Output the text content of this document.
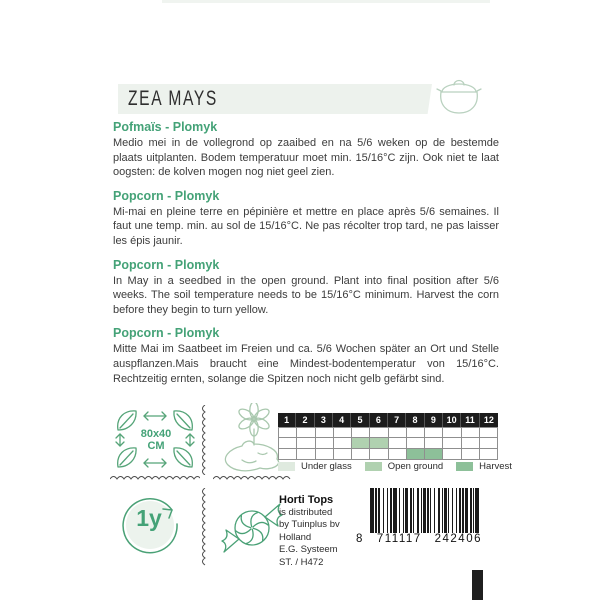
ZEA MAYS
Pofmaïs - Plomyk

Medio mei in de vollegrond op zaaibed en na 5/6 weken op de bestemde plaats uitplanten. Bodem temperatuur moet min. 15/16°C zijn. Ook niet te laat oogsten: de kolven mogen nog niet geel zien.

Popcorn - Plomyk

Mi-mai en pleine terre en pépinière et mettre en place après 5/6 semaines. Il faut une temp. min. au sol de 15/16°C. Ne pas récolter trop tard, ne pas laisser les épis jaunir.

Popcorn - Plomyk

In May in a seedbed in the open ground. Plant into final position after 5/6 weeks. The soil temperature needs to be 15/16°C minimum. Harvest the corn before they begin to turn yellow.

Popcorn - Plomyk

Mitte Mai im Saatbeet im Freien und ca. 5/6 Wochen später an Ort und Stelle auspflanzen.Mais braucht eine Mindest-bodentemperatur von 15/16°C. Rechtzeitig ernten, solange die Spitzen noch nicht gelb gefärbt sind.

80x40
CM
1	2	3	4	5	6	7	8	9	10 11	12
Under glass	Open ground	Harvest
1y
Horti Tops
is distributed
by Tuinplus bv
Holland
E.G. Systeem
ST. / H472
8 711117 242406
